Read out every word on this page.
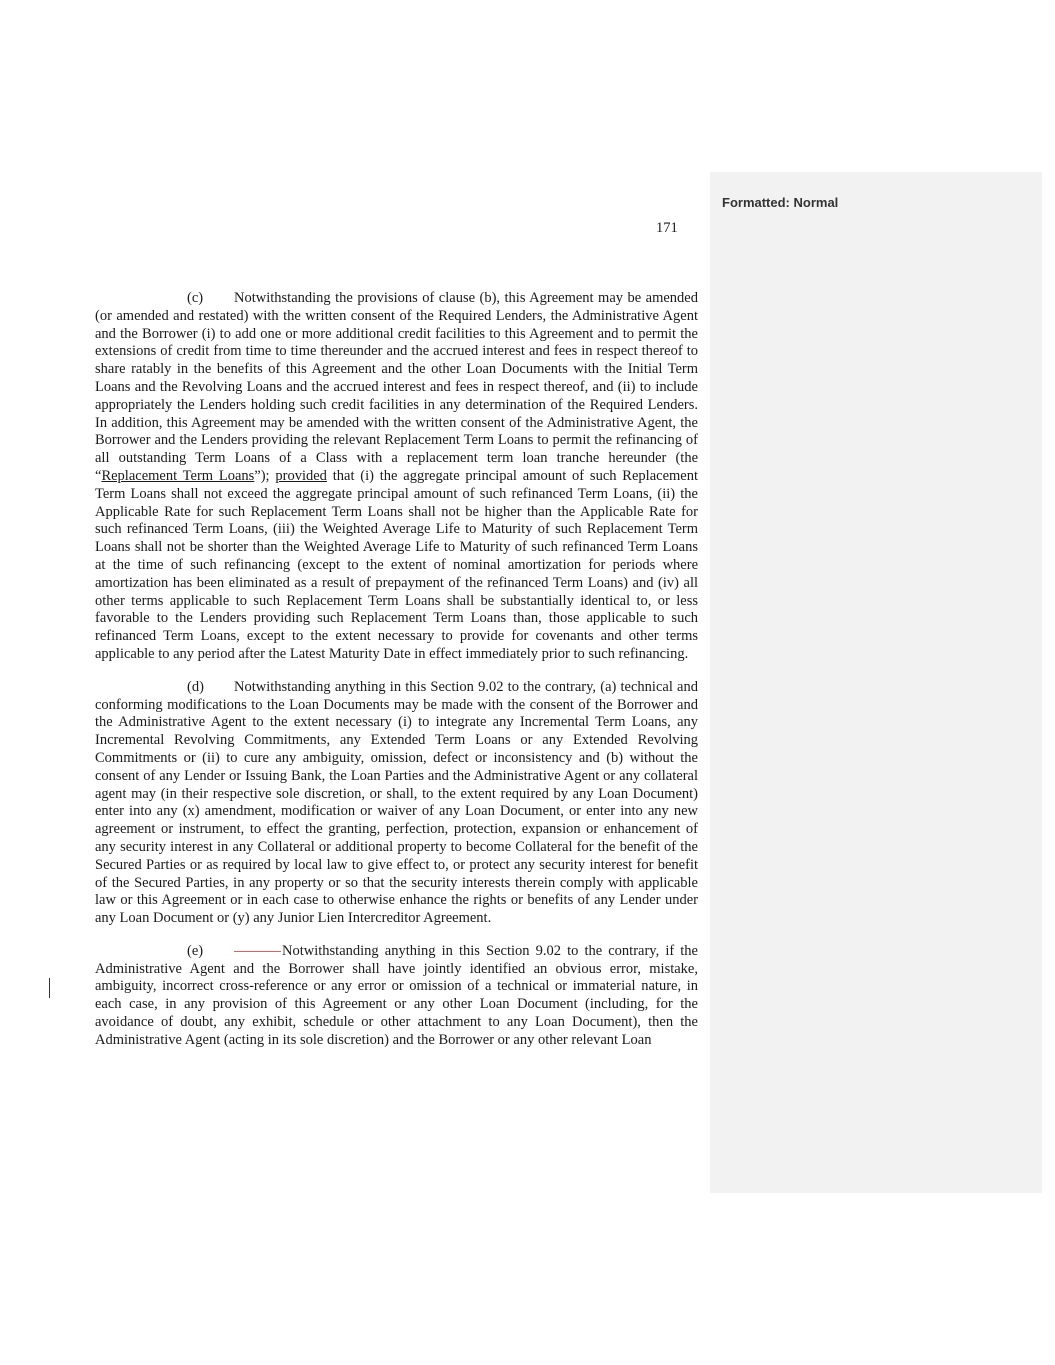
Formatted: Normal
171

(c) Notwithstanding the provisions of clause (b), this Agreement may be amended (or amended and restated) with the written consent of the Required Lenders, the Administrative Agent and the Borrower (i) to add one or more additional credit facilities to this Agreement and to permit the extensions of credit from time to time thereunder and the accrued interest and fees in respect thereof to share ratably in the benefits of this Agreement and the other Loan Documents with the Initial Term Loans and the Revolving Loans and the accrued interest and fees in respect thereof, and (ii) to include appropriately the Lenders holding such credit facilities in any determination of the Required Lenders. In addition, this Agreement may be amended with the written consent of the Administrative Agent, the Borrower and the Lenders providing the relevant Replacement Term Loans to permit the refinancing of all outstanding Term Loans of a Class with a replacement term loan tranche hereunder (the “Replacement Term Loans”); provided that (i) the aggregate principal amount of such Replacement Term Loans shall not exceed the aggregate principal amount of such refinanced Term Loans, (ii) the Applicable Rate for such Replacement Term Loans shall not be higher than the Applicable Rate for such refinanced Term Loans, (iii) the Weighted Average Life to Maturity of such Replacement Term Loans shall not be shorter than the Weighted Average Life to Maturity of such refinanced Term Loans at the time of such refinancing (except to the extent of nominal amortization for periods where amortization has been eliminated as a result of prepayment of the refinanced Term Loans) and (iv) all other terms applicable to such Replacement Term Loans shall be substantially identical to, or less favorable to the Lenders providing such Replacement Term Loans than, those applicable to such refinanced Term Loans, except to the extent necessary to provide for covenants and other terms applicable to any period after the Latest Maturity Date in effect immediately prior to such refinancing.

(d) Notwithstanding anything in this Section 9.02 to the contrary, (a) technical and conforming modifications to the Loan Documents may be made with the consent of the Borrower and the Administrative Agent to the extent necessary (i) to integrate any Incremental Term Loans, any Incremental Revolving Commitments, any Extended Term Loans or any Extended Revolving Commitments or (ii) to cure any ambiguity, omission, defect or inconsistency and (b) without the consent of any Lender or Issuing Bank, the Loan Parties and the Administrative Agent or any collateral agent may (in their respective sole discretion, or shall, to the extent required by any Loan Document) enter into any (x) amendment, modification or waiver of any Loan Document, or enter into any new agreement or instrument, to effect the granting, perfection, protection, expansion or enhancement of any security interest in any Collateral or additional property to become Collateral for the benefit of the Secured Parties or as required by local law to give effect to, or protect any security interest for benefit of the Secured Parties, in any property or so that the security interests therein comply with applicable law or this Agreement or in each case to otherwise enhance the rights or benefits of any Lender under any Loan Document or (y) any Junior Lien Intercreditor Agreement.

(e)	Notwithstanding anything in this Section 9.02 to the contrary, if the Administrative Agent and the Borrower shall have jointly identified an obvious error, mistake, ambiguity, incorrect cross-reference or any error or omission of a technical or immaterial nature, in each case, in any provision of this Agreement or any other Loan Document (including, for the avoidance of doubt, any exhibit, schedule or other attachment to any Loan Document), then the Administrative Agent (acting in its sole discretion) and the Borrower or any other relevant Loan
